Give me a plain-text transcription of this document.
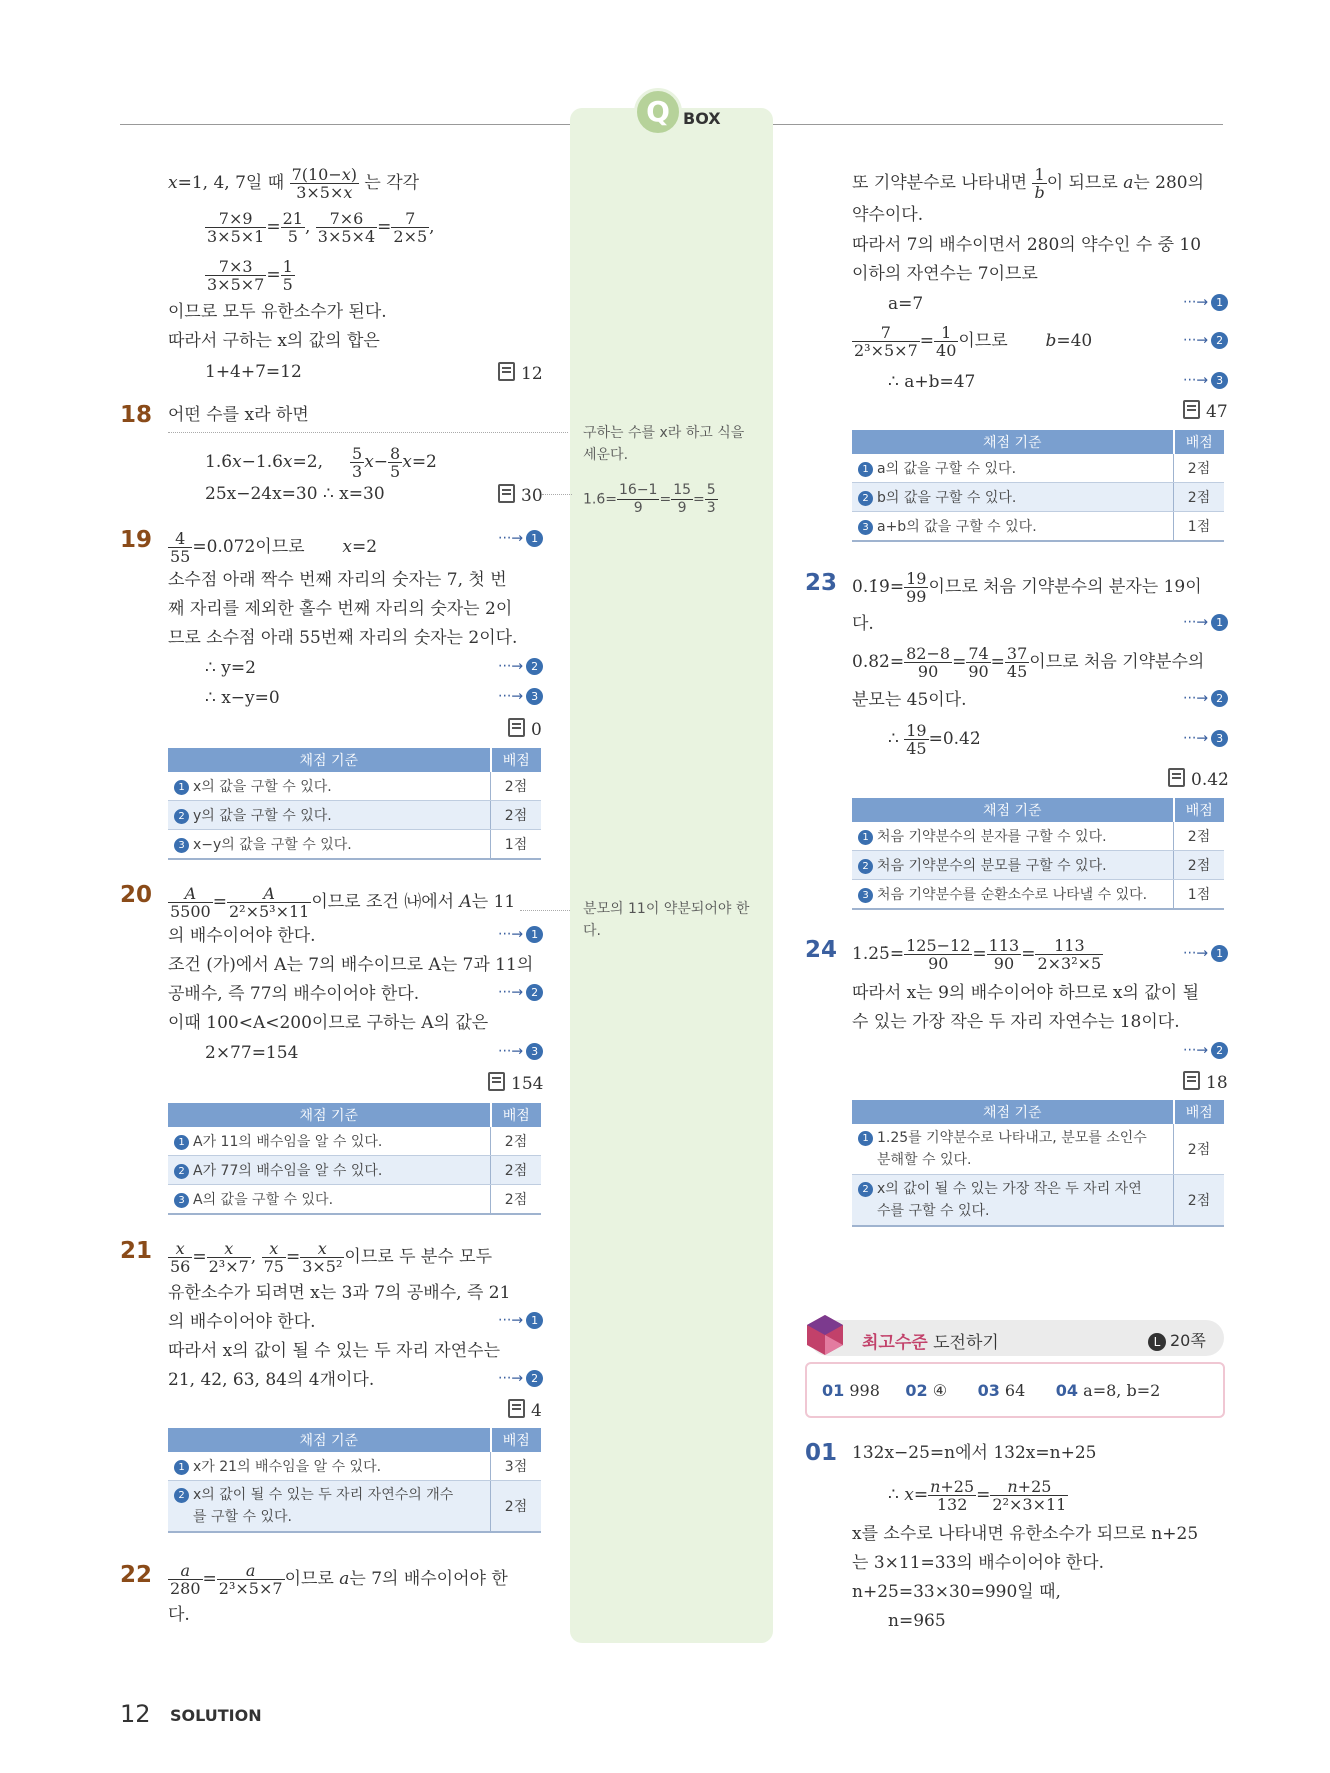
Q BOX
x=1, 4, 7일 때 $\frac{7(10-x)}{3\times 5\times x}$ 는 각각
$\frac{7\times 9}{3\times 5\times 1} = \frac{21}{5}$ , $\frac{7\times 6}{3\times 5\times 4} = \frac{7}{2\times 5}$ ,
$\frac{7\times 3}{3\times 5\times 7} = \frac{1}{5}$
이므로 모두 유한소수가 된다.
따라서 구하는 x의 값의 합은
1+4+7=12	12
18 어떤 수를 x라 하면
1.6̇x−1.6x=2, $\frac{5}{3} x- \frac{8}{5} x=2$
25x−24x=30 ∴ x=30	30
$19 \frac{4}{55}$ =0.0̇72̇이므로       x=2	···→ 1
소수점 아래 짝수 번째 자리의 숫자는 7, 첫 번
째 자리를 제외한 홀수 번째 자리의 숫자는 2이
므로 소수점 아래 55번째 자리의 숫자는 2이다.
∴ y=2	···→ 2
∴ x−y=0	···→ 3
0
채점 기준	배점
1 x의 값을 구할 수 있다.	2점
2 y의 값을 구할 수 있다.	2점
3 x−y의 값을 구할 수 있다.	1점
$20 \frac{A}{5500} = \frac{A}{\text{2²×5³×11}}$ 이므로 조건 ㈏에서 A는 11
의 배수이어야 한다.	···→ 1
조건 (가)에서 A는 7의 배수이므로 A는 7과 11의
공배수, 즉 77의 배수이어야 한다.	···→ 2
이때 100<A<200이므로 구하는 A의 값은
2×77=154	···→ 3
154
채점 기준	배점
1 A가 11의 배수임을 알 수 있다.	2점
2 A가 77의 배수임을 알 수 있다.	2점
3 A의 값을 구할 수 있다.	2점
$21 \frac{x}{56} = \frac{x}{\text{2³×7}}$ , $\frac{x}{75} = \frac{x}{\text{3×5²}}$ 이므로 두 분수 모두
유한소수가 되려면 x는 3과 7의 공배수, 즉 21
의 배수이어야 한다.	···→ 1
따라서 x의 값이 될 수 있는 두 자리 자연수는
21, 42, 63, 84의 4개이다.	···→ 2
4
채점 기준	배점
1 x가 21의 배수임을 알 수 있다.	3점
2 x의 값이 될 수 있는 두 자리 자연수의 개수
를 구할 수 있다.	2점
$22 \frac{a}{280} = \frac{a}{\text{2³×5×7}}$ 이므로 a는 7의 배수이어야 한
다.
구하는 수를 x라 하고 식을
세운다.
1.6̇= $\frac{16-1}{9} = \frac{15}{9} = \frac{5}{3}$
분모의 11이 약분되어야 한
다.
또 기약분수로 나타내면 $\frac{1}{b}$ 이 되므로 a는 280의
약수이다.
따라서 7의 배수이면서 280의 약수인 수 중 10
이하의 자연수는 7이므로
a=7	···→ 1
$\frac{7}{\text{2³×5×7}} = \frac{1}{40}$ 이므로       b=40	···→ 2
∴ a+b=47	···→ 3
47
채점 기준	배점
1 a의 값을 구할 수 있다.	2점
2 b의 값을 구할 수 있다.	2점
3 a+b의 값을 구할 수 있다.	1점
23 0.1̇9̇= $\frac{19}{99}$ 이므로 처음 기약분수의 분자는 19이
다.	···→ 1
0.82̇= $\frac{82-8}{90} = \frac{74}{90} = \frac{37}{45}$ 이므로 처음 기약분수의
분모는 45이다.	···→ 2
∴ $\frac{19}{45}$ =0.42̇	···→ 3
0.42̇
채점 기준	배점
1 처음 기약분수의 분자를 구할 수 있다.	2점
2 처음 기약분수의 분모를 구할 수 있다.	2점
3 처음 기약분수를 순환소수로 나타낼 수 있다.	1점
24 1.25̇= $\frac{125-12}{90} = \frac{113}{90} = \frac{113}{\text{2×3²×5}}$	···→ 1
따라서 x는 9의 배수이어야 하므로 x의 값이 될
수 있는 가장 작은 두 자리 자연수는 18이다.
···→ 2
18
채점 기준	배점
1 1.25̇를 기약분수로 나타내고, 분모를 소인수
분해할 수 있다.	2점
2 x의 값이 될 수 있는 가장 작은 두 자리 자연
수를 구할 수 있다.	2점
최고수준 도전하기	L 20쪽
01 998 02 ④ 03 64 04 a=8, b=2
01 132x−25=n에서 132x=n+25
∴ $x= \frac{n+25}{132} = \frac{n+25}{\text{2²×3×11}}$
x를 소수로 나타내면 유한소수가 되므로 n+25
는 3×11=33의 배수이어야 한다.
n+25=33×30=990일 때,
n=965
12 SOLUTION
